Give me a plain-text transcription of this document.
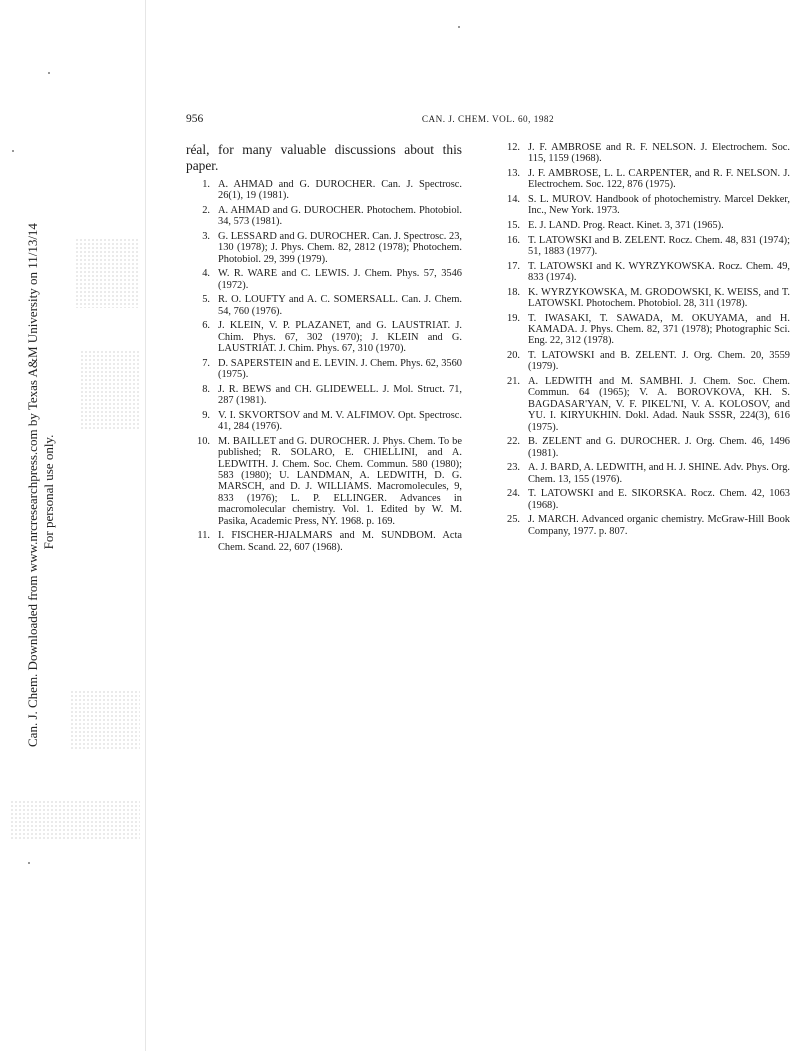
956	CAN. J. CHEM. VOL. 60, 1982
Can. J. Chem. Downloaded from www.nrcresearchpress.com by Texas A&M University on 11/13/14 For personal use only.
réal, for many valuable discussions about this paper.
1. A. AHMAD and G. DUROCHER. Can. J. Spectrosc. 26(1), 19 (1981).
2. A. AHMAD and G. DUROCHER. Photochem. Photobiol. 34, 573 (1981).
3. G. LESSARD and G. DUROCHER. Can. J. Spectrosc. 23, 130 (1978); J. Phys. Chem. 82, 2812 (1978); Photochem. Photobiol. 29, 399 (1979).
4. W. R. WARE and C. LEWIS. J. Chem. Phys. 57, 3546 (1972).
5. R. O. LOUFTY and A. C. SOMERSALL. Can. J. Chem. 54, 760 (1976).
6. J. KLEIN, V. P. PLAZANET, and G. LAUSTRIAT. J. Chim. Phys. 67, 302 (1970); J. KLEIN and G. LAUSTRIAT. J. Chim. Phys. 67, 310 (1970).
7. D. SAPERSTEIN and E. LEVIN. J. Chem. Phys. 62, 3560 (1975).
8. J. R. BEWS and CH. GLIDEWELL. J. Mol. Struct. 71, 287 (1981).
9. V. I. SKVORTSOV and M. V. ALFIMOV. Opt. Spectrosc. 41, 284 (1976).
10. M. BAILLET and G. DUROCHER. J. Phys. Chem. To be published; R. SOLARO, E. CHIELLINI, and A. LEDWITH. J. Chem. Soc. Chem. Commun. 580 (1980); 583 (1980); U. LANDMAN, A. LEDWITH, D. G. MARSCH, and D. J. WILLIAMS. Macromolecules, 9, 833 (1976); L. P. ELLINGER. Advances in macromolecular chemistry. Vol. 1. Edited by W. M. Pasika, Academic Press, NY. 1968. p. 169.
11. I. FISCHER-HJALMARS and M. SUNDBOM. Acta Chem. Scand. 22, 607 (1968).
12. J. F. AMBROSE and R. F. NELSON. J. Electrochem. Soc. 115, 1159 (1968).
13. J. F. AMBROSE, L. L. CARPENTER, and R. F. NELSON. J. Electrochem. Soc. 122, 876 (1975).
14. S. L. MUROV. Handbook of photochemistry. Marcel Dekker, Inc., New York. 1973.
15. E. J. LAND. Prog. React. Kinet. 3, 371 (1965).
16. T. LATOWSKI and B. ZELENT. Rocz. Chem. 48, 831 (1974); 51, 1883 (1977).
17. T. LATOWSKI and K. WYRZYKOWSKA. Rocz. Chem. 49, 833 (1974).
18. K. WYRZYKOWSKA, M. GRODOWSKI, K. WEISS, and T. LATOWSKI. Photochem. Photobiol. 28, 311 (1978).
19. T. IWASAKI, T. SAWADA, M. OKUYAMA, and H. KAMADA. J. Phys. Chem. 82, 371 (1978); Photographic Sci. Eng. 22, 312 (1978).
20. T. LATOWSKI and B. ZELENT. J. Org. Chem. 20, 3559 (1979).
21. A. LEDWITH and M. SAMBHI. J. Chem. Soc. Chem. Commun. 64 (1965); V. A. BOROVKOVA, KH. S. BAGDASAR'YAN, V. F. PIKEL'NI, V. A. KOLOSOV, and YU. I. KIRYUKHIN. Dokl. Adad. Nauk SSSR, 224(3), 616 (1975).
22. B. ZELENT and G. DUROCHER. J. Org. Chem. 46, 1496 (1981).
23. A. J. BARD, A. LEDWITH, and H. J. SHINE. Adv. Phys. Org. Chem. 13, 155 (1976).
24. T. LATOWSKI and E. SIKORSKA. Rocz. Chem. 42, 1063 (1968).
25. J. MARCH. Advanced organic chemistry. McGraw-Hill Book Company, 1977. p. 807.
